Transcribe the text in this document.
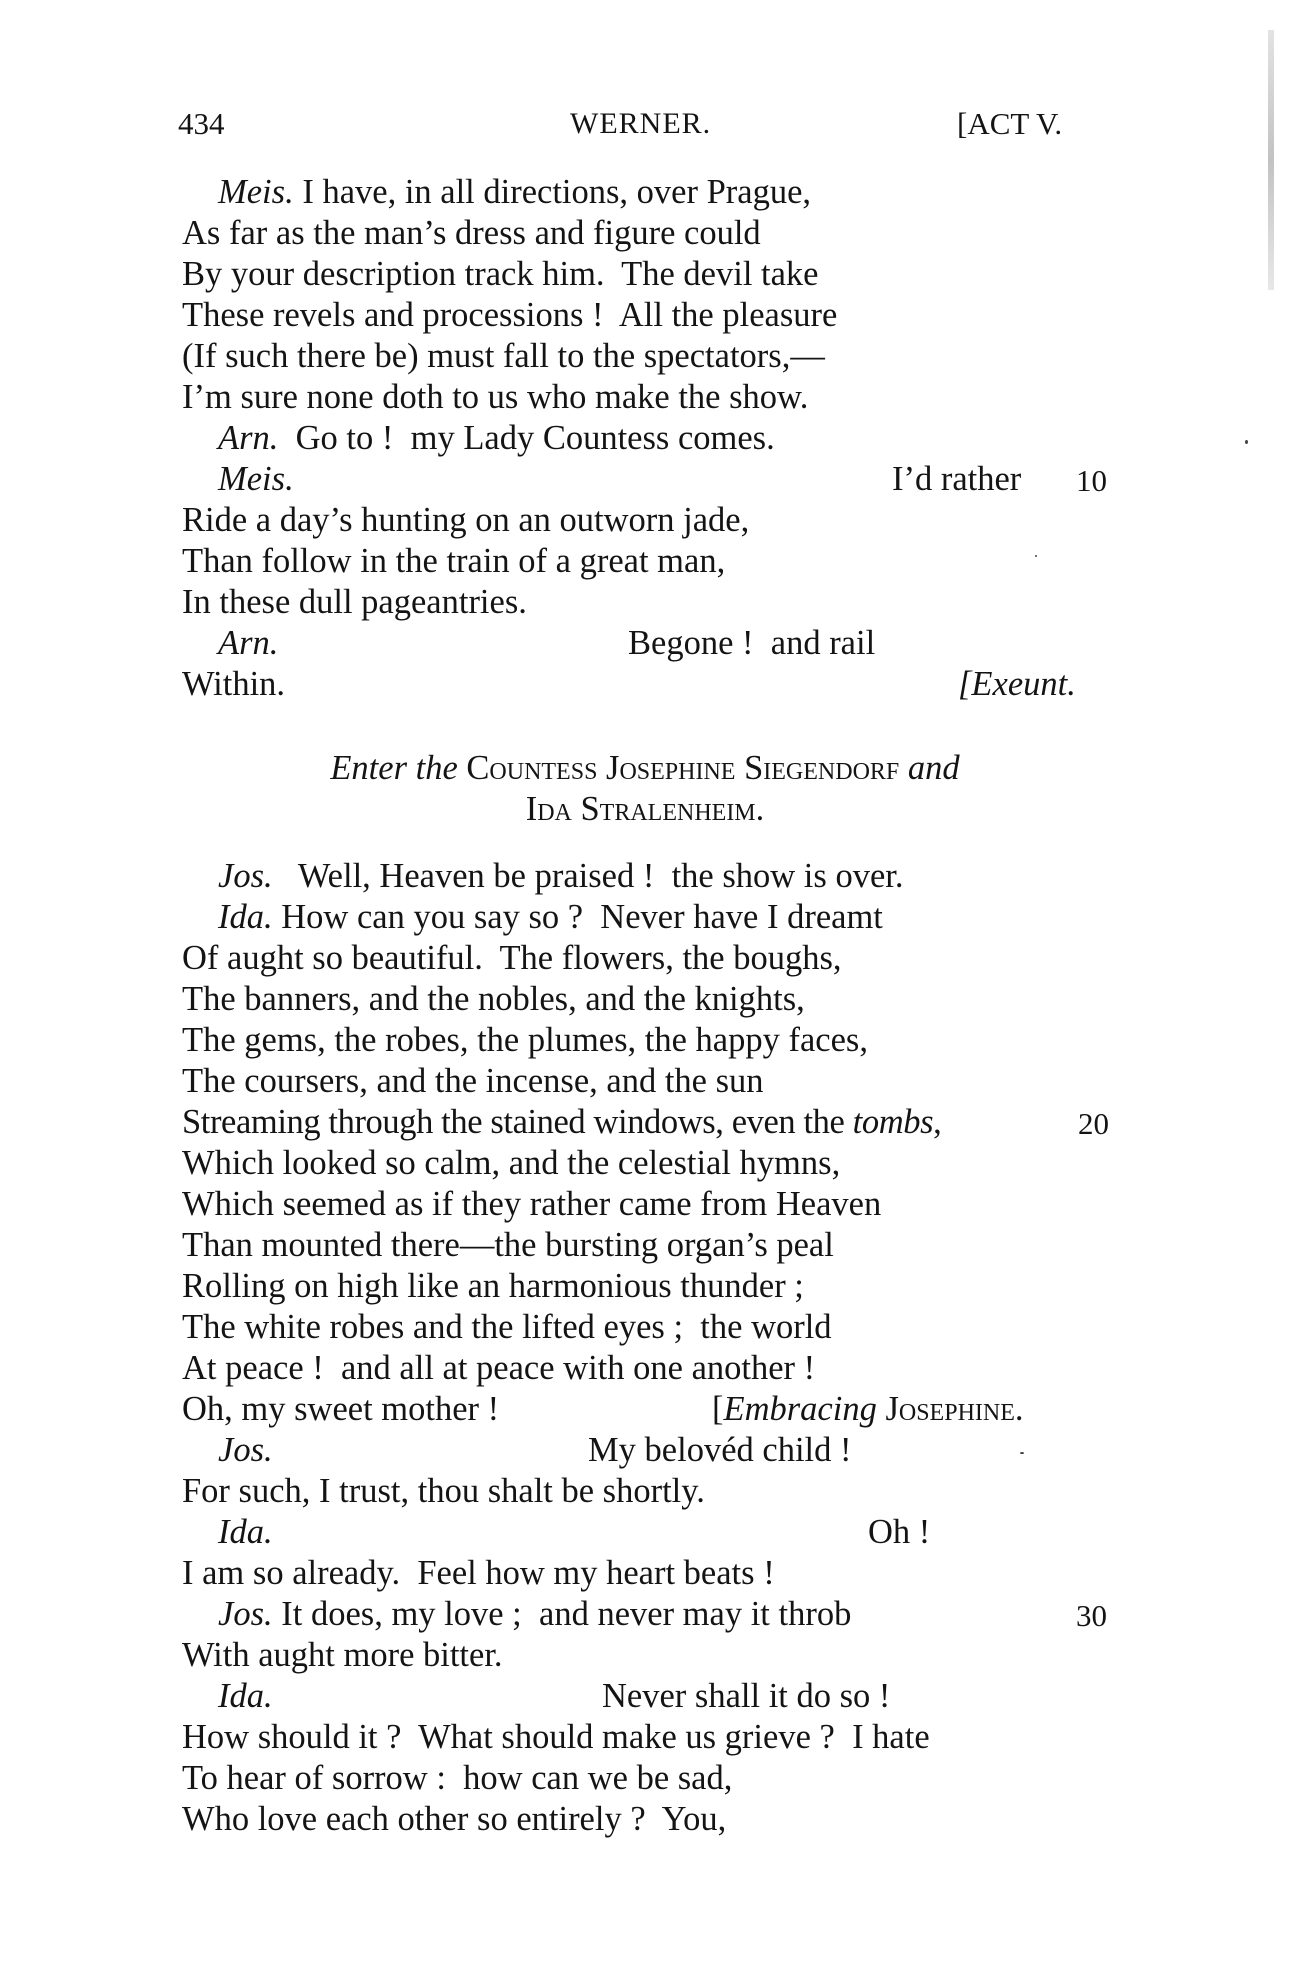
434	WERNER.	[ACT V.
Meis. I have, in all directions, over Prague,
As far as the man’s dress and figure could
By your description track him.  The devil take
These revels and processions !  All the pleasure
(If such there be) must fall to the spectators,—
I’m sure none doth to us who make the show.
Arn.  Go to !  my Lady Countess comes.
Meis.	I’d rather 10
Ride a day’s hunting on an outworn jade,
Than follow in the train of a great man,
In these dull pageantries.
Arn.	Begone !  and rail
Within.	[Exeunt.
Enter the Countess Josephine Siegendorf and
Ida Stralenheim.
Jos.   Well, Heaven be praised !  the show is over.
Ida. How can you say so ?  Never have I dreamt
Of aught so beautiful.  The flowers, the boughs,
The banners, and the nobles, and the knights,
The gems, the robes, the plumes, the happy faces,
The coursers, and the incense, and the sun
Streaming through the stained windows, even the tombs,	20
Which looked so calm, and the celestial hymns,
Which seemed as if they rather came from Heaven
Than mounted there—the bursting organ’s peal
Rolling on high like an harmonious thunder ;
The white robes and the lifted eyes ;  the world
At peace !  and all at peace with one another !
Oh, my sweet mother !	[Embracing Josephine.
Jos.	My belovéd child !
For such, I trust, thou shalt be shortly.
Ida.	Oh !
I am so already.  Feel how my heart beats !
Jos. It does, my love ;  and never may it throb	30
With aught more bitter.
Ida.	Never shall it do so !
How should it ?  What should make us grieve ?  I hate
To hear of sorrow :  how can we be sad,
Who love each other so entirely ?  You,
